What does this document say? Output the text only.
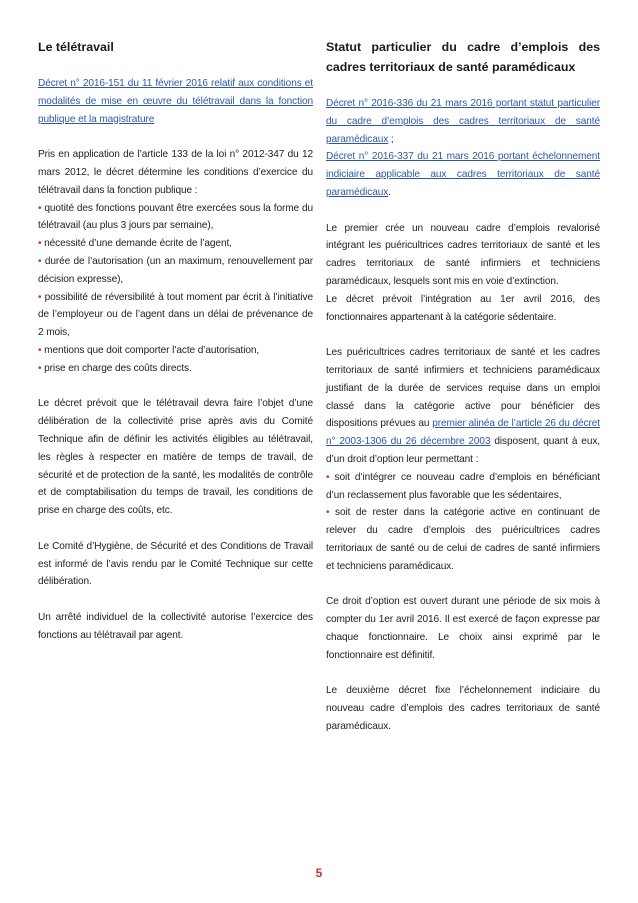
Le télétravail

Décret n° 2016-151 du 11 février 2016 relatif aux conditions et modalités de mise en œuvre du télétravail dans la fonction publique et la magistrature

Pris en application de l’article 133 de la loi n° 2012-347 du 12 mars 2012, le décret détermine les conditions d’exercice du télétravail dans la fonction publique :

• quotité des fonctions pouvant être exercées sous la forme du télétravail (au plus 3 jours par semaine),

• nécessité d’une demande écrite de l’agent,

• durée de l’autorisation (un an maximum, renouvellement par décision expresse),

• possibilité de réversibilité à tout moment par écrit à l’initiative de l’employeur ou de l’agent dans un délai de prévenance de 2 mois,

• mentions que doit comporter l’acte d’autorisation,

• prise en charge des coûts directs.

Le décret prévoit que le télétravail devra faire l’objet d’une délibération de la collectivité prise après avis du Comité Technique afin de définir les activités éligibles au télétravail, les règles à respecter en matière de temps de travail, de sécurité et de protection de la santé, les modalités de contrôle et de comptabilisation du temps de travail, les conditions de prise en charge des coûts, etc.

Le Comité d’Hygiène, de Sécurité et des Conditions de Travail est informé de l’avis rendu par le Comité Technique sur cette délibération.

Un arrêté individuel de la collectivité autorise l’exercice des fonctions au télétravail par agent.

Statut particulier du cadre d’emplois des cadres territoriaux de santé paramédicaux

Décret n° 2016-336 du 21 mars 2016 portant statut particulier du cadre d’emplois des cadres territoriaux de santé paramédicaux ;

Décret n° 2016-337 du 21 mars 2016 portant échelonnement indiciaire applicable aux cadres territoriaux de santé paramédicaux.

Le premier crée un nouveau cadre d’emplois revalorisé intégrant les puéricultrices cadres territoriaux de santé et les cadres territoriaux de santé infirmiers et techniciens paramédicaux, lesquels sont mis en voie d’extinction.

Le décret prévoit l’intégration au 1er avril 2016, des fonctionnaires appartenant à la catégorie sédentaire.

Les puéricultrices cadres territoriaux de santé et les cadres territoriaux de santé infirmiers et techniciens paramédicaux justifiant de la durée de services requise dans un emploi classé dans la catégorie active pour bénéficier des dispositions prévues au premier alinéa de l’article 26 du décret n° 2003-1306 du 26 décembre 2003 disposent, quant à eux, d’un droit d’option leur permettant :

• soit d’intégrer ce nouveau cadre d’emplois en bénéficiant d’un reclassement plus favorable que les sédentaires,

• soit de rester dans la catégorie active en continuant de relever du cadre d’emplois des puéricultrices cadres territoriaux de santé ou de celui de cadres de santé infirmiers et techniciens paramédicaux.

Ce droit d’option est ouvert durant une période de six mois à compter du 1er avril 2016. Il est exercé de façon expresse par chaque fonctionnaire. Le choix ainsi exprimé par le fonctionnaire est définitif.

Le deuxième décret fixe l’échelonnement indiciaire du nouveau cadre d’emplois des cadres territoriaux de santé paramédicaux.

5
